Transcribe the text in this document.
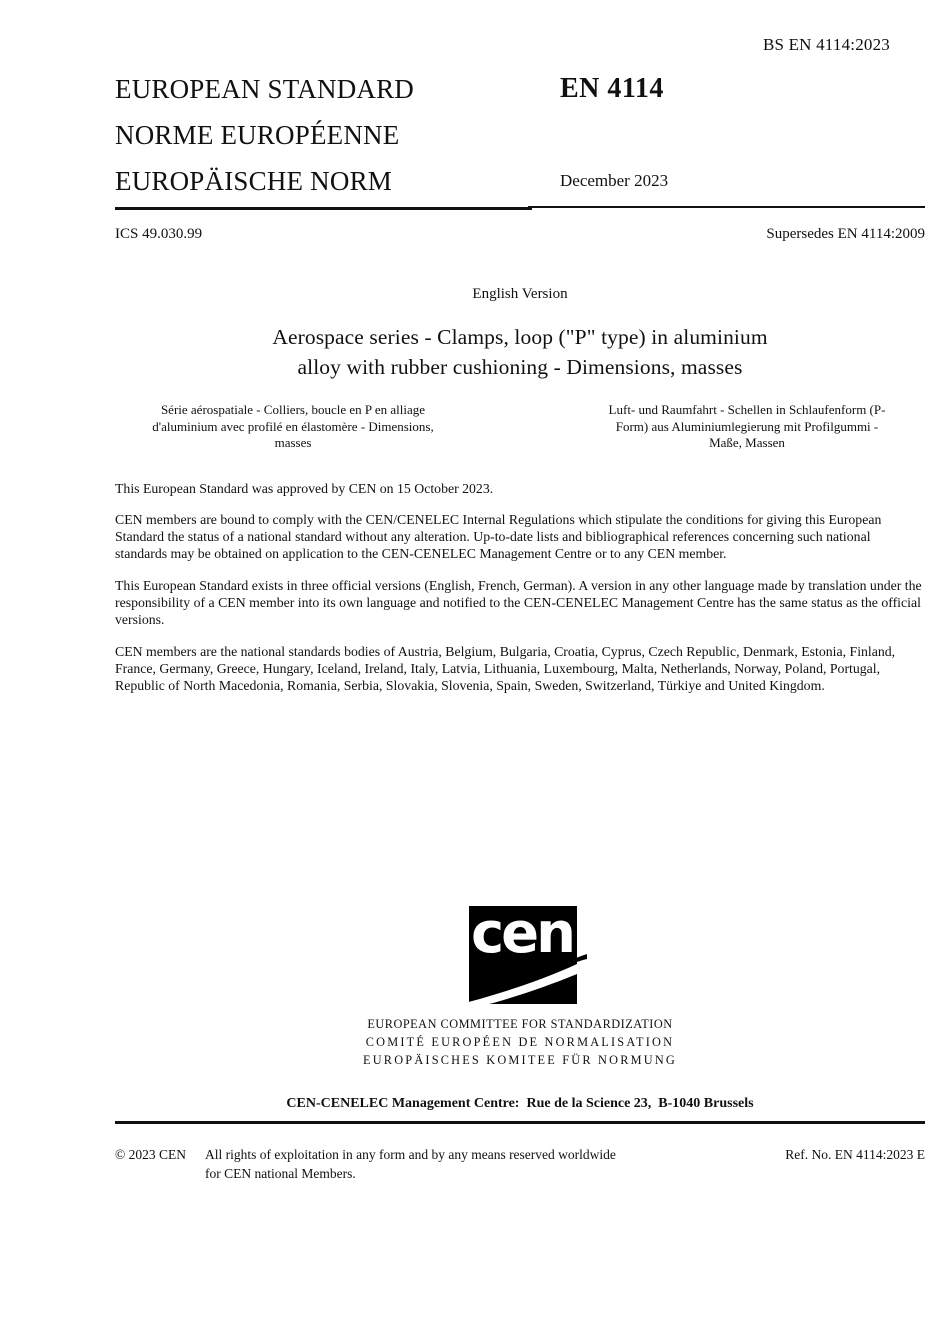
BS EN 4114:2023
EUROPEAN STANDARD	EN 4114
NORME EUROPÉENNE
EUROPÄISCHE NORM	December 2023
ICS 49.030.99	Supersedes EN 4114:2009
English Version
Aerospace series - Clamps, loop ("P" type) in aluminium
alloy with rubber cushioning - Dimensions, masses
Série aérospatiale - Colliers, boucle en P en alliage
d'aluminium avec profilé en élastomère - Dimensions,
masses
Luft- und Raumfahrt - Schellen in Schlaufenform (P-
Form) aus Aluminiumlegierung mit Profilgummi -
Maße, Massen

This European Standard was approved by CEN on 15 October 2023.

CEN members are bound to comply with the CEN/CENELEC Internal Regulations which stipulate the conditions for giving this European Standard the status of a national standard without any alteration. Up-to-date lists and bibliographical references concerning such national standards may be obtained on application to the CEN-CENELEC Management Centre or to any CEN member.

This European Standard exists in three official versions (English, French, German). A version in any other language made by translation under the responsibility of a CEN member into its own language and notified to the CEN-CENELEC Management Centre has the same status as the official versions.

CEN members are the national standards bodies of Austria, Belgium, Bulgaria, Croatia, Cyprus, Czech Republic, Denmark, Estonia, Finland, France, Germany, Greece, Hungary, Iceland, Ireland, Italy, Latvia, Lithuania, Luxembourg, Malta, Netherlands, Norway, Poland, Portugal, Republic of North Macedonia, Romania, Serbia, Slovakia, Slovenia, Spain, Sweden, Switzerland, Türkiye and United Kingdom.

cen
EUROPEAN COMMITTEE FOR STANDARDIZATION
COMITÉ EUROPÉEN DE NORMALISATION
EUROPÄISCHES KOMITEE FÜR NORMUNG
CEN-CENELEC Management Centre:  Rue de la Science 23,  B-1040 Brussels
© 2023 CEN	All rights of exploitation in any form and by any means reserved worldwide for CEN national Members.
Ref. No. EN 4114:2023 E
